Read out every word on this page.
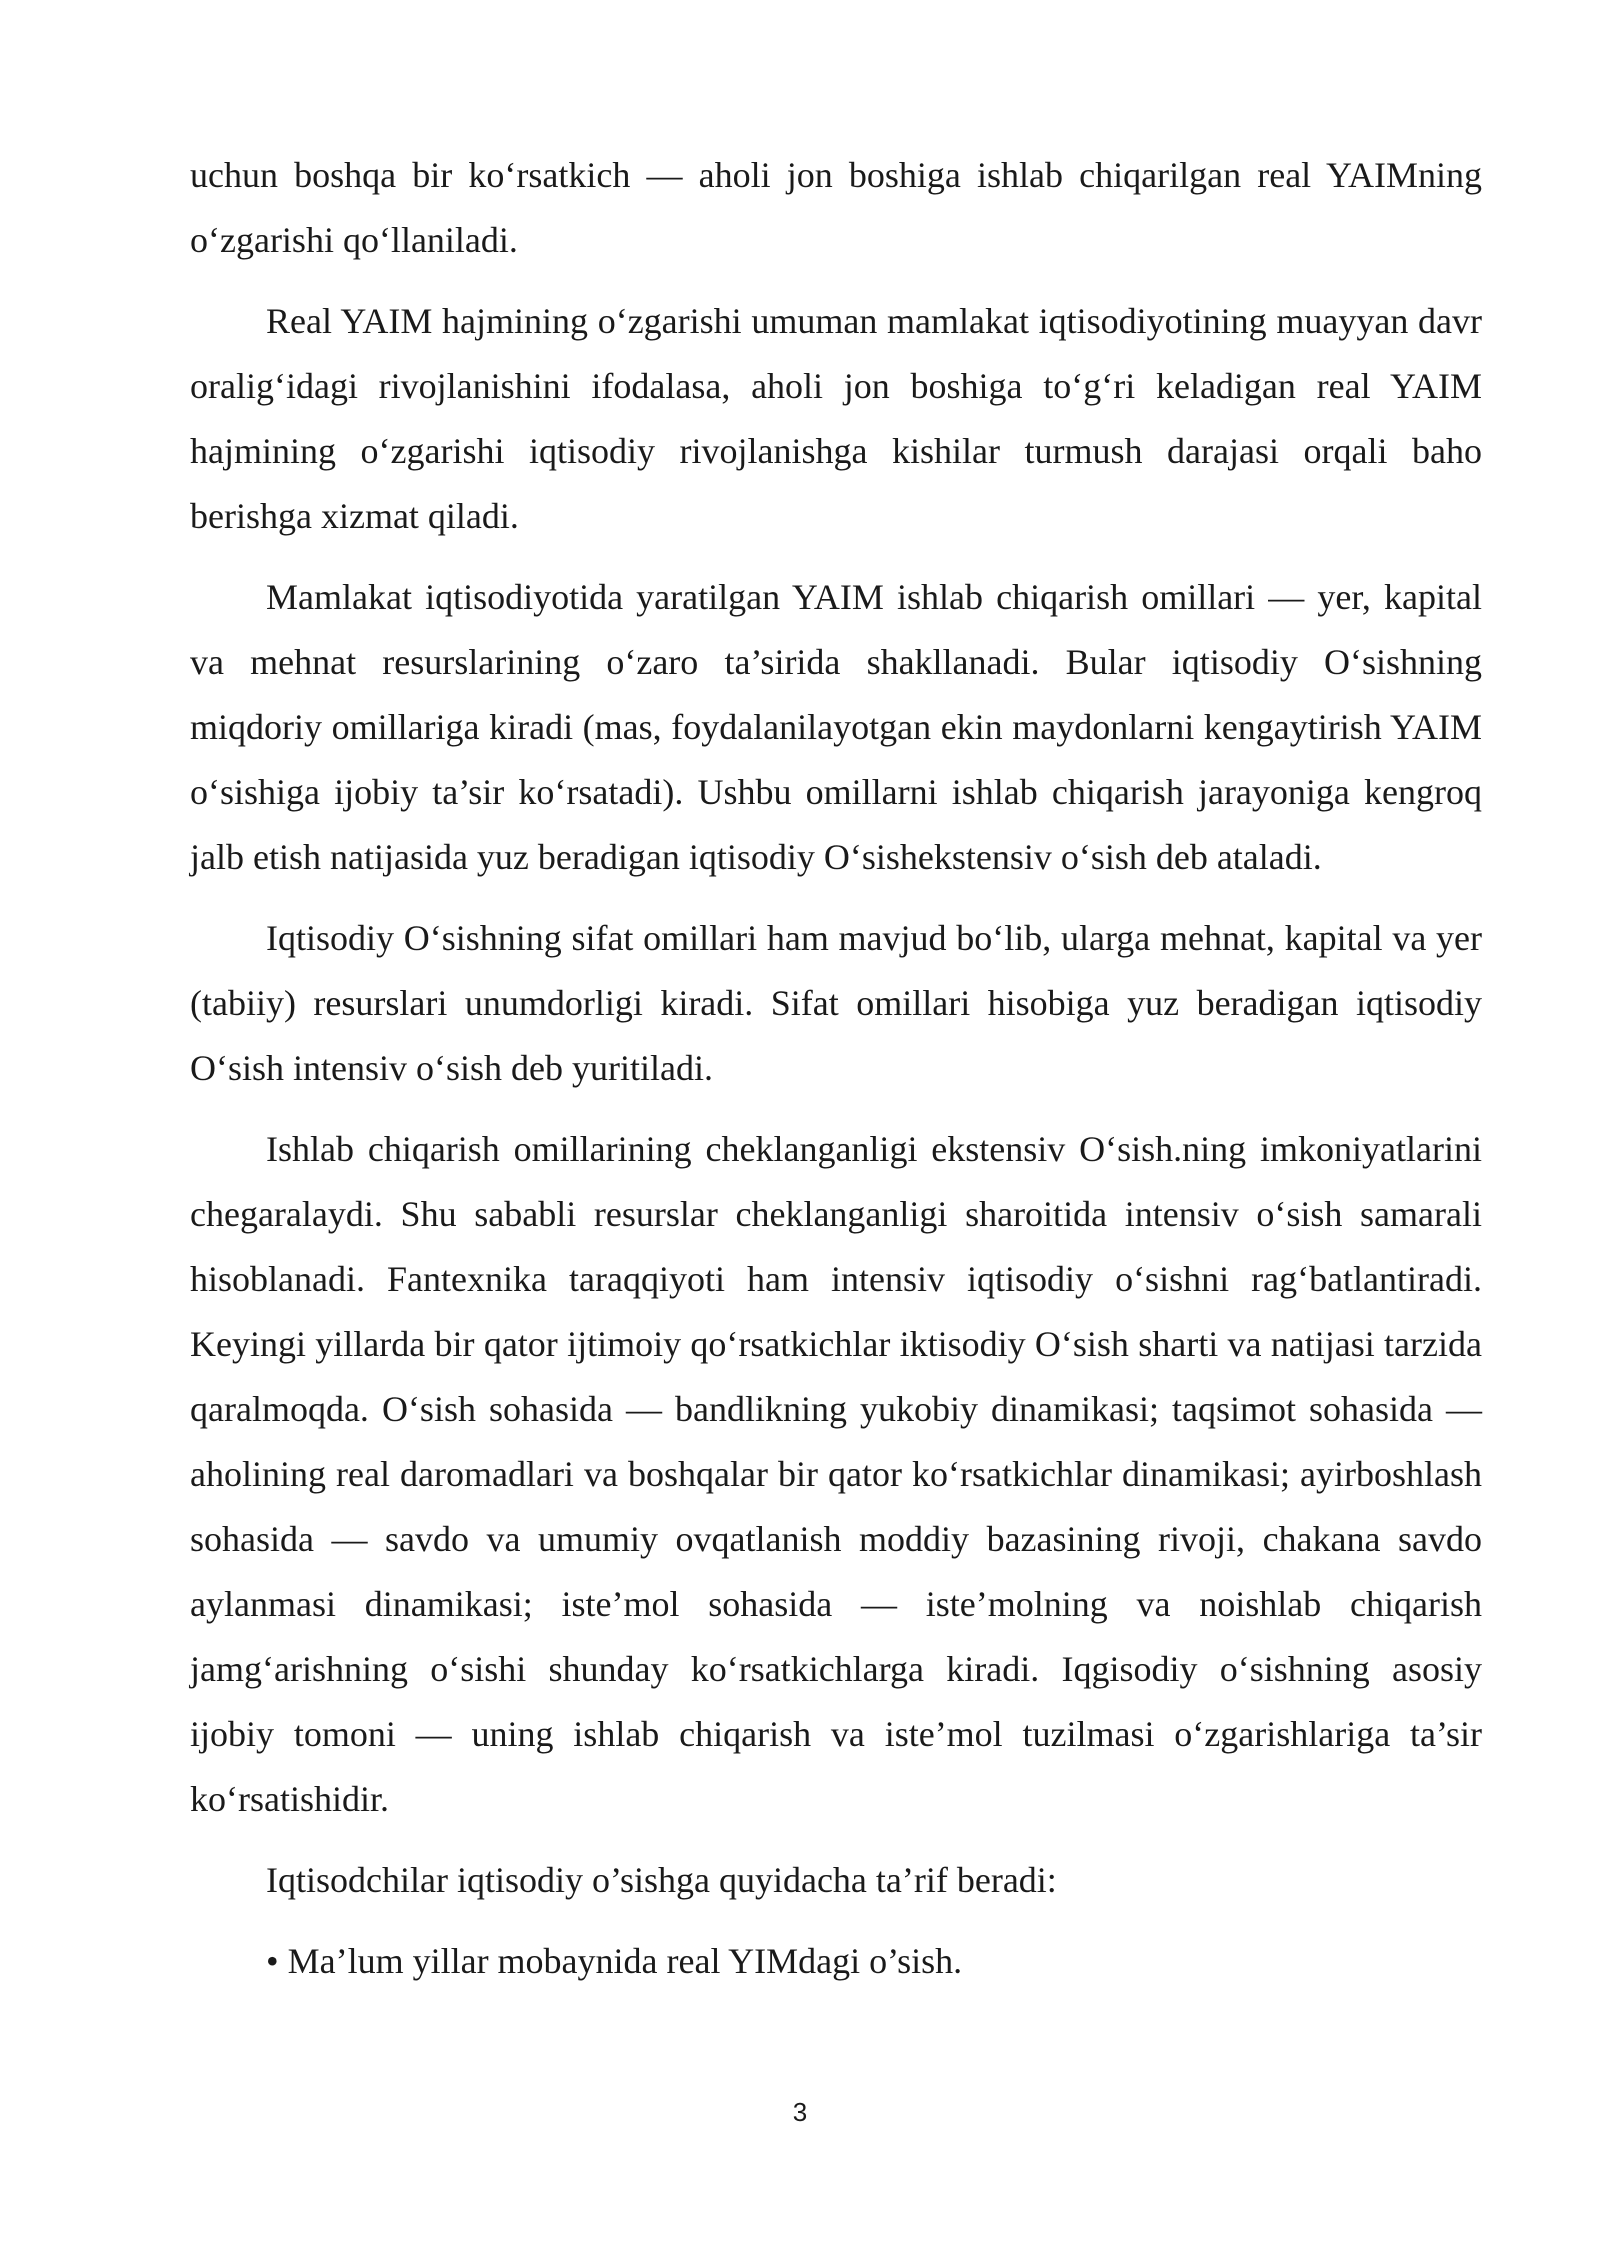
uchun boshqa bir ko‘rsatkich — aholi jon boshiga ishlab chiqarilgan real YAIMning o‘zgarishi qo‘llaniladi.

Real YAIM hajmining o‘zgarishi umuman mamlakat iqtisodiyotining muayyan davr oralig‘idagi rivojlanishini ifodalasa, aholi jon boshiga to‘g‘ri keladigan real YAIM hajmining o‘zgarishi iqtisodiy rivojlanishga kishilar turmush darajasi orqali baho berishga xizmat qiladi.

Mamlakat iqtisodiyotida yaratilgan YAIM ishlab chiqarish omillari — yer, kapital va mehnat resurslarining o‘zaro ta’sirida shakllanadi. Bular iqtisodiy O‘sishning miqdoriy omillariga kiradi (mas, foydalanilayotgan ekin maydonlarni kengaytirish YAIM o‘sishiga ijobiy ta’sir ko‘rsatadi). Ushbu omillarni ishlab chiqarish jarayoniga kengroq jalb etish natijasida yuz beradigan iqtisodiy O‘sishekstensiv o‘sish deb ataladi.

Iqtisodiy O‘sishning sifat omillari ham mavjud bo‘lib, ularga mehnat, kapital va yer (tabiiy) resurslari unumdorligi kiradi. Sifat omillari hisobiga yuz beradigan iqtisodiy O‘sish intensiv o‘sish deb yuritiladi.

Ishlab chiqarish omillarining cheklanganligi ekstensiv O‘sish.ning imkoniyatlarini chegaralaydi. Shu sababli resurslar cheklanganligi sharoitida intensiv o‘sish samarali hisoblanadi. Fantexnika taraqqiyoti ham intensiv iqtisodiy o‘sishni rag‘batlantiradi. Keyingi yillarda bir qator ijtimoiy qo‘rsatkichlar iktisodiy O‘sish sharti va natijasi tarzida qaralmoqda. O‘sish sohasida — bandlikning yukobiy dinamikasi; taqsimot sohasida — aholining real daromadlari va boshqalar bir qator ko‘rsatkichlar dinamikasi; ayirboshlash sohasida — savdo va umumiy ovqatlanish moddiy bazasining rivoji, chakana savdo aylanmasi dinamikasi; iste’mol sohasida — iste’molning va noishlab chiqarish jamg‘arishning o‘sishi shunday ko‘rsatkichlarga kiradi. Iqgisodiy o‘sishning asosiy ijobiy tomoni — uning ishlab chiqarish va iste’mol tuzilmasi o‘zgarishlariga ta’sir ko‘rsatishidir.

Iqtisodchilar iqtisodiy o’sishga quyidacha ta’rif beradi:

• Ma’lum yillar mobaynida real YIMdagi o’sish.

3
